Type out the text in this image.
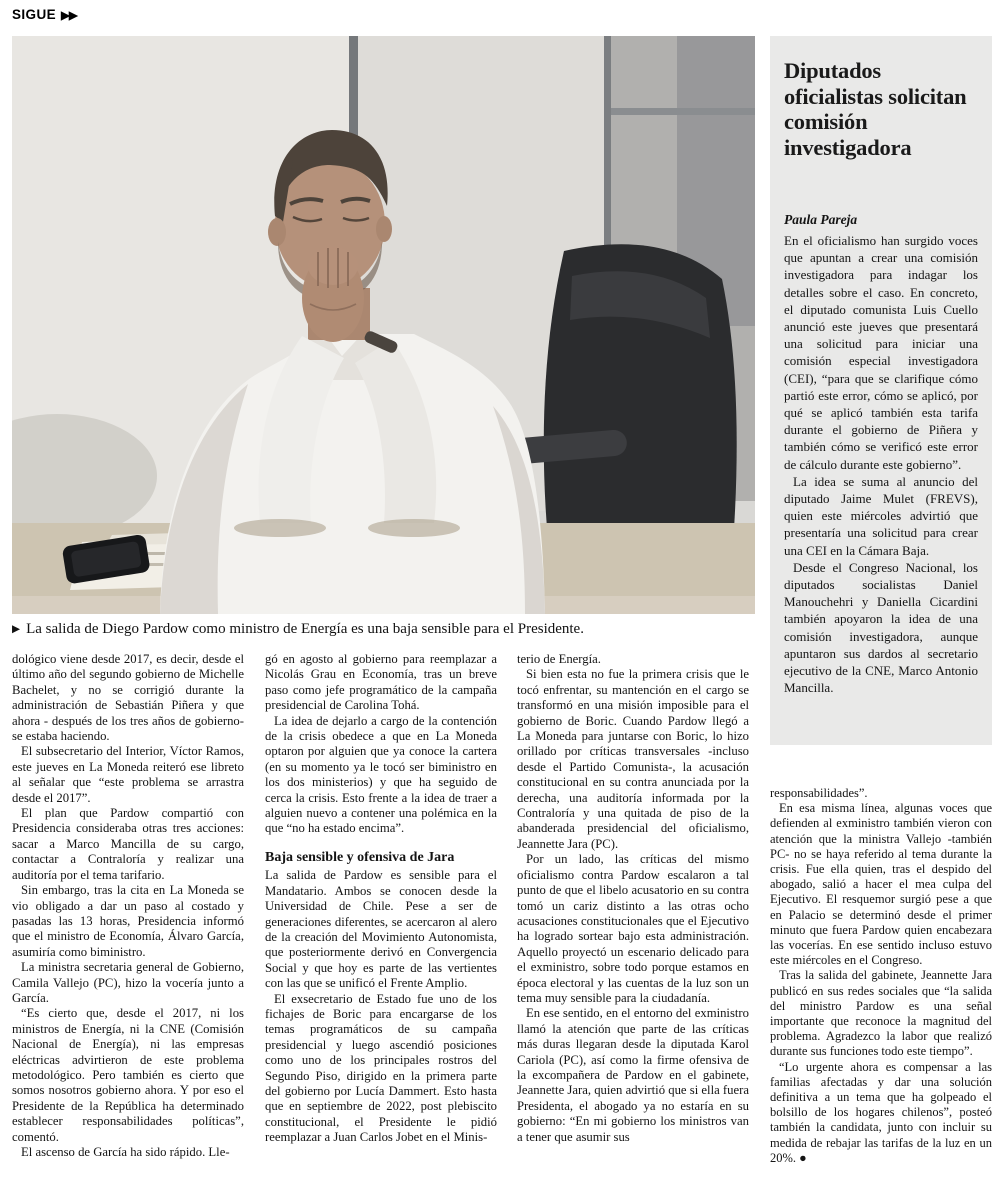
SIGUE ▶▶

▶ La salida de Diego Pardow como ministro de Energía es una baja sensible para el Presidente.

Diputados oficialistas solicitan comisión investigadora

Paula Pareja

En el oficialismo han surgido voces que apuntan a crear una comisión investigadora para indagar los detalles sobre el caso. En concreto, el diputado comunista Luis Cuello anunció este jueves que presentará una solicitud para iniciar una comisión especial investigadora (CEI), “para que se clarifique cómo partió este error, cómo se aplicó, por qué se aplicó también esta tarifa durante el gobierno de Piñera y también cómo se verificó este error de cálculo durante este gobierno”.

La idea se suma al anuncio del diputado Jaime Mulet (FREVS), quien este miércoles advirtió que presentaría una solicitud para crear una CEI en la Cámara Baja.

Desde el Congreso Nacional, los diputados socialistas Daniel Manouchehri y Daniella Cicardini también apoyaron la idea de una comisión investigadora, aunque apuntaron sus dardos al secretario ejecutivo de la CNE, Marco Antonio Mancilla.

dológico viene desde 2017, es decir, desde el último año del segundo gobierno de Michelle Bachelet, y no se corrigió durante la administración de Sebastián Piñera y que ahora - después de los tres años de gobierno- se estaba haciendo.

El subsecretario del Interior, Víctor Ramos, este jueves en La Moneda reiteró ese libreto al señalar que “este problema se arrastra desde el 2017”.

El plan que Pardow compartió con Presidencia consideraba otras tres acciones: sacar a Marco Mancilla de su cargo, contactar a Contraloría y realizar una auditoría por el tema tarifario.

Sin embargo, tras la cita en La Moneda se vio obligado a dar un paso al costado y pasadas las 13 horas, Presidencia informó que el ministro de Economía, Álvaro García, asumiría como biministro.

La ministra secretaria general de Gobierno, Camila Vallejo (PC), hizo la vocería junto a García.

“Es cierto que, desde el 2017, ni los ministros de Energía, ni la CNE (Comisión Nacional de Energía), ni las empresas eléctricas advirtieron de este problema metodológico. Pero también es cierto que somos nosotros gobierno ahora. Y por eso el Presidente de la República ha determinado establecer responsabilidades políticas”, comentó.

El ascenso de García ha sido rápido. Lle-

gó en agosto al gobierno para reemplazar a Nicolás Grau en Economía, tras un breve paso como jefe programático de la campaña presidencial de Carolina Tohá.

La idea de dejarlo a cargo de la contención de la crisis obedece a que en La Moneda optaron por alguien que ya conoce la cartera (en su momento ya le tocó ser biministro en los dos ministerios) y que ha seguido de cerca la crisis. Esto frente a la idea de traer a alguien nuevo a contener una polémica en la que “no ha estado encima”.

Baja sensible y ofensiva de Jara

La salida de Pardow es sensible para el Mandatario. Ambos se conocen desde la Universidad de Chile. Pese a ser de generaciones diferentes, se acercaron al alero de la creación del Movimiento Autonomista, que posteriormente derivó en Convergencia Social y que hoy es parte de las vertientes con las que se unificó el Frente Amplio.

El exsecretario de Estado fue uno de los fichajes de Boric para encargarse de los temas programáticos de su campaña presidencial y luego ascendió posiciones como uno de los principales rostros del Segundo Piso, dirigido en la primera parte del gobierno por Lucía Dammert. Esto hasta que en septiembre de 2022, post plebiscito constitucional, el Presidente le pidió reemplazar a Juan Carlos Jobet en el Minis-

terio de Energía.

Si bien esta no fue la primera crisis que le tocó enfrentar, su mantención en el cargo se transformó en una misión imposible para el gobierno de Boric. Cuando Pardow llegó a La Moneda para juntarse con Boric, lo hizo orillado por críticas transversales -incluso desde el Partido Comunista-, la acusación constitucional en su contra anunciada por la derecha, una auditoría informada por la Contraloría y una quitada de piso de la abanderada presidencial del oficialismo, Jeannette Jara (PC).

Por un lado, las críticas del mismo oficialismo contra Pardow escalaron a tal punto de que el libelo acusatorio en su contra tomó un cariz distinto a las otras ocho acusaciones constitucionales que el Ejecutivo ha logrado sortear bajo esta administración. Aquello proyectó un escenario delicado para el exministro, sobre todo porque estamos en época electoral y las cuentas de la luz son un tema muy sensible para la ciudadanía.

En ese sentido, en el entorno del exministro llamó la atención que parte de las críticas más duras llegaran desde la diputada Karol Cariola (PC), así como la firme ofensiva de la excompañera de Pardow en el gabinete, Jeannette Jara, quien advirtió que si ella fuera Presidenta, el abogado ya no estaría en su gobierno: “En mi gobierno los ministros van a tener que asumir sus

responsabilidades”.

En esa misma línea, algunas voces que defienden al exministro también vieron con atención que la ministra Vallejo -también PC- no se haya referido al tema durante la crisis. Fue ella quien, tras el despido del abogado, salió a hacer el mea culpa del Ejecutivo. El resquemor surgió pese a que en Palacio se determinó desde el primer minuto que fuera Pardow quien encabezara las vocerías. En ese sentido incluso estuvo este miércoles en el Congreso.

Tras la salida del gabinete, Jeannette Jara publicó en sus redes sociales que “la salida del ministro Pardow es una señal importante que reconoce la magnitud del problema. Agradezco la labor que realizó durante sus funciones todo este tiempo”.

“Lo urgente ahora es compensar a las familias afectadas y dar una solución definitiva a un tema que ha golpeado el bolsillo de los hogares chilenos”, posteó también la candidata, junto con incluir su medida de rebajar las tarifas de la luz en un 20%. ●
